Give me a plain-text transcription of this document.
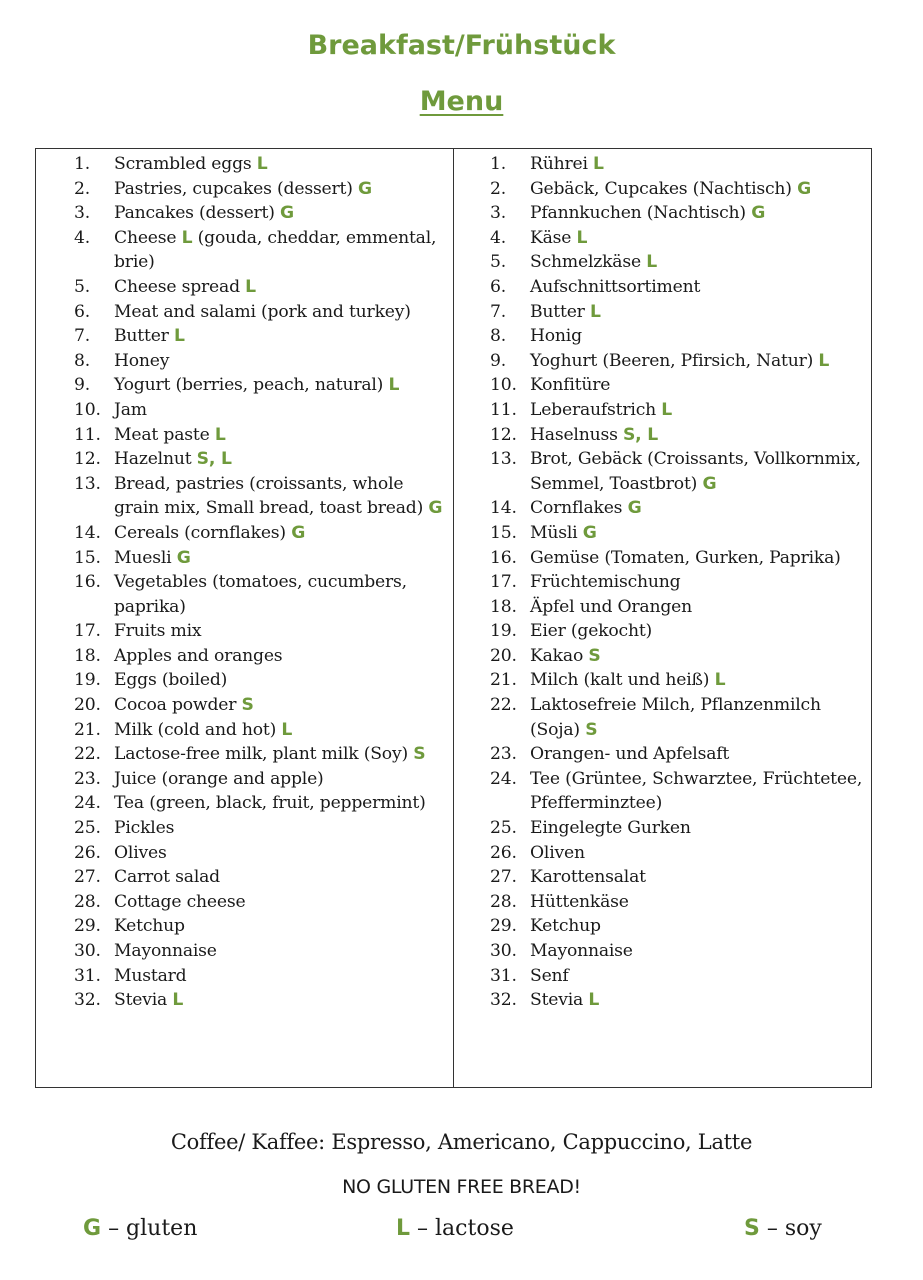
Breakfast/Frühstück
Menu
1.	Scrambled eggs L
2.	Pastries, cupcakes (dessert) G
3.	Pancakes (dessert) G
4.	Cheese L (gouda, cheddar, emmental, brie)
5.	Cheese spread L
6.	Meat and salami (pork and turkey)
7.	Butter L
8.	Honey
9.	Yogurt (berries, peach, natural) L
10. Jam
11. Meat paste L
12. Hazelnut S, L
13. Bread, pastries (croissants, whole grain mix, Small bread, toast bread) G
14. Cereals (cornflakes) G
15. Muesli G
16. Vegetables (tomatoes, cucumbers, paprika)
17. Fruits mix
18. Apples and oranges
19. Eggs (boiled)
20. Cocoa powder S
21. Milk (cold and hot) L
22. Lactose-free milk, plant milk (Soy) S
23. Juice (orange and apple)
24. Tea (green, black, fruit, peppermint)
25. Pickles
26. Olives
27. Carrot salad
28. Cottage cheese
29. Ketchup
30. Mayonnaise
31. Mustard
32. Stevia L
1.	Rührei L
2.	Gebäck, Cupcakes (Nachtisch) G
3.	Pfannkuchen (Nachtisch) G
4.	Käse L
5.	Schmelzkäse L
6.	Aufschnittsortiment
7.	Butter L
8.	Honig
9.	Yoghurt (Beeren, Pfirsich, Natur) L
10. Konfitüre
11. Leberaufstrich L
12. Haselnuss S, L
13. Brot, Gebäck (Croissants, Vollkornmix, Semmel, Toastbrot) G
14. Cornflakes G
15. Müsli G
16. Gemüse (Tomaten, Gurken, Paprika)
17. Früchtemischung
18. Äpfel und Orangen
19. Eier (gekocht)
20. Kakao S
21. Milch (kalt und heiß) L
22. Laktosefreie Milch, Pflanzenmilch (Soja) S
23. Orangen- und Apfelsaft
24. Tee (Grüntee, Schwarztee, Früchtetee, Pfefferminztee)
25. Eingelegte Gurken
26. Oliven
27. Karottensalat
28. Hüttenkäse
29. Ketchup
30. Mayonnaise
31. Senf
32. Stevia L
Coffee/ Kaffee: Espresso, Americano, Cappuccino, Latte
NO GLUTEN FREE BREAD!
G – gluten	L – lactose	S – soy
